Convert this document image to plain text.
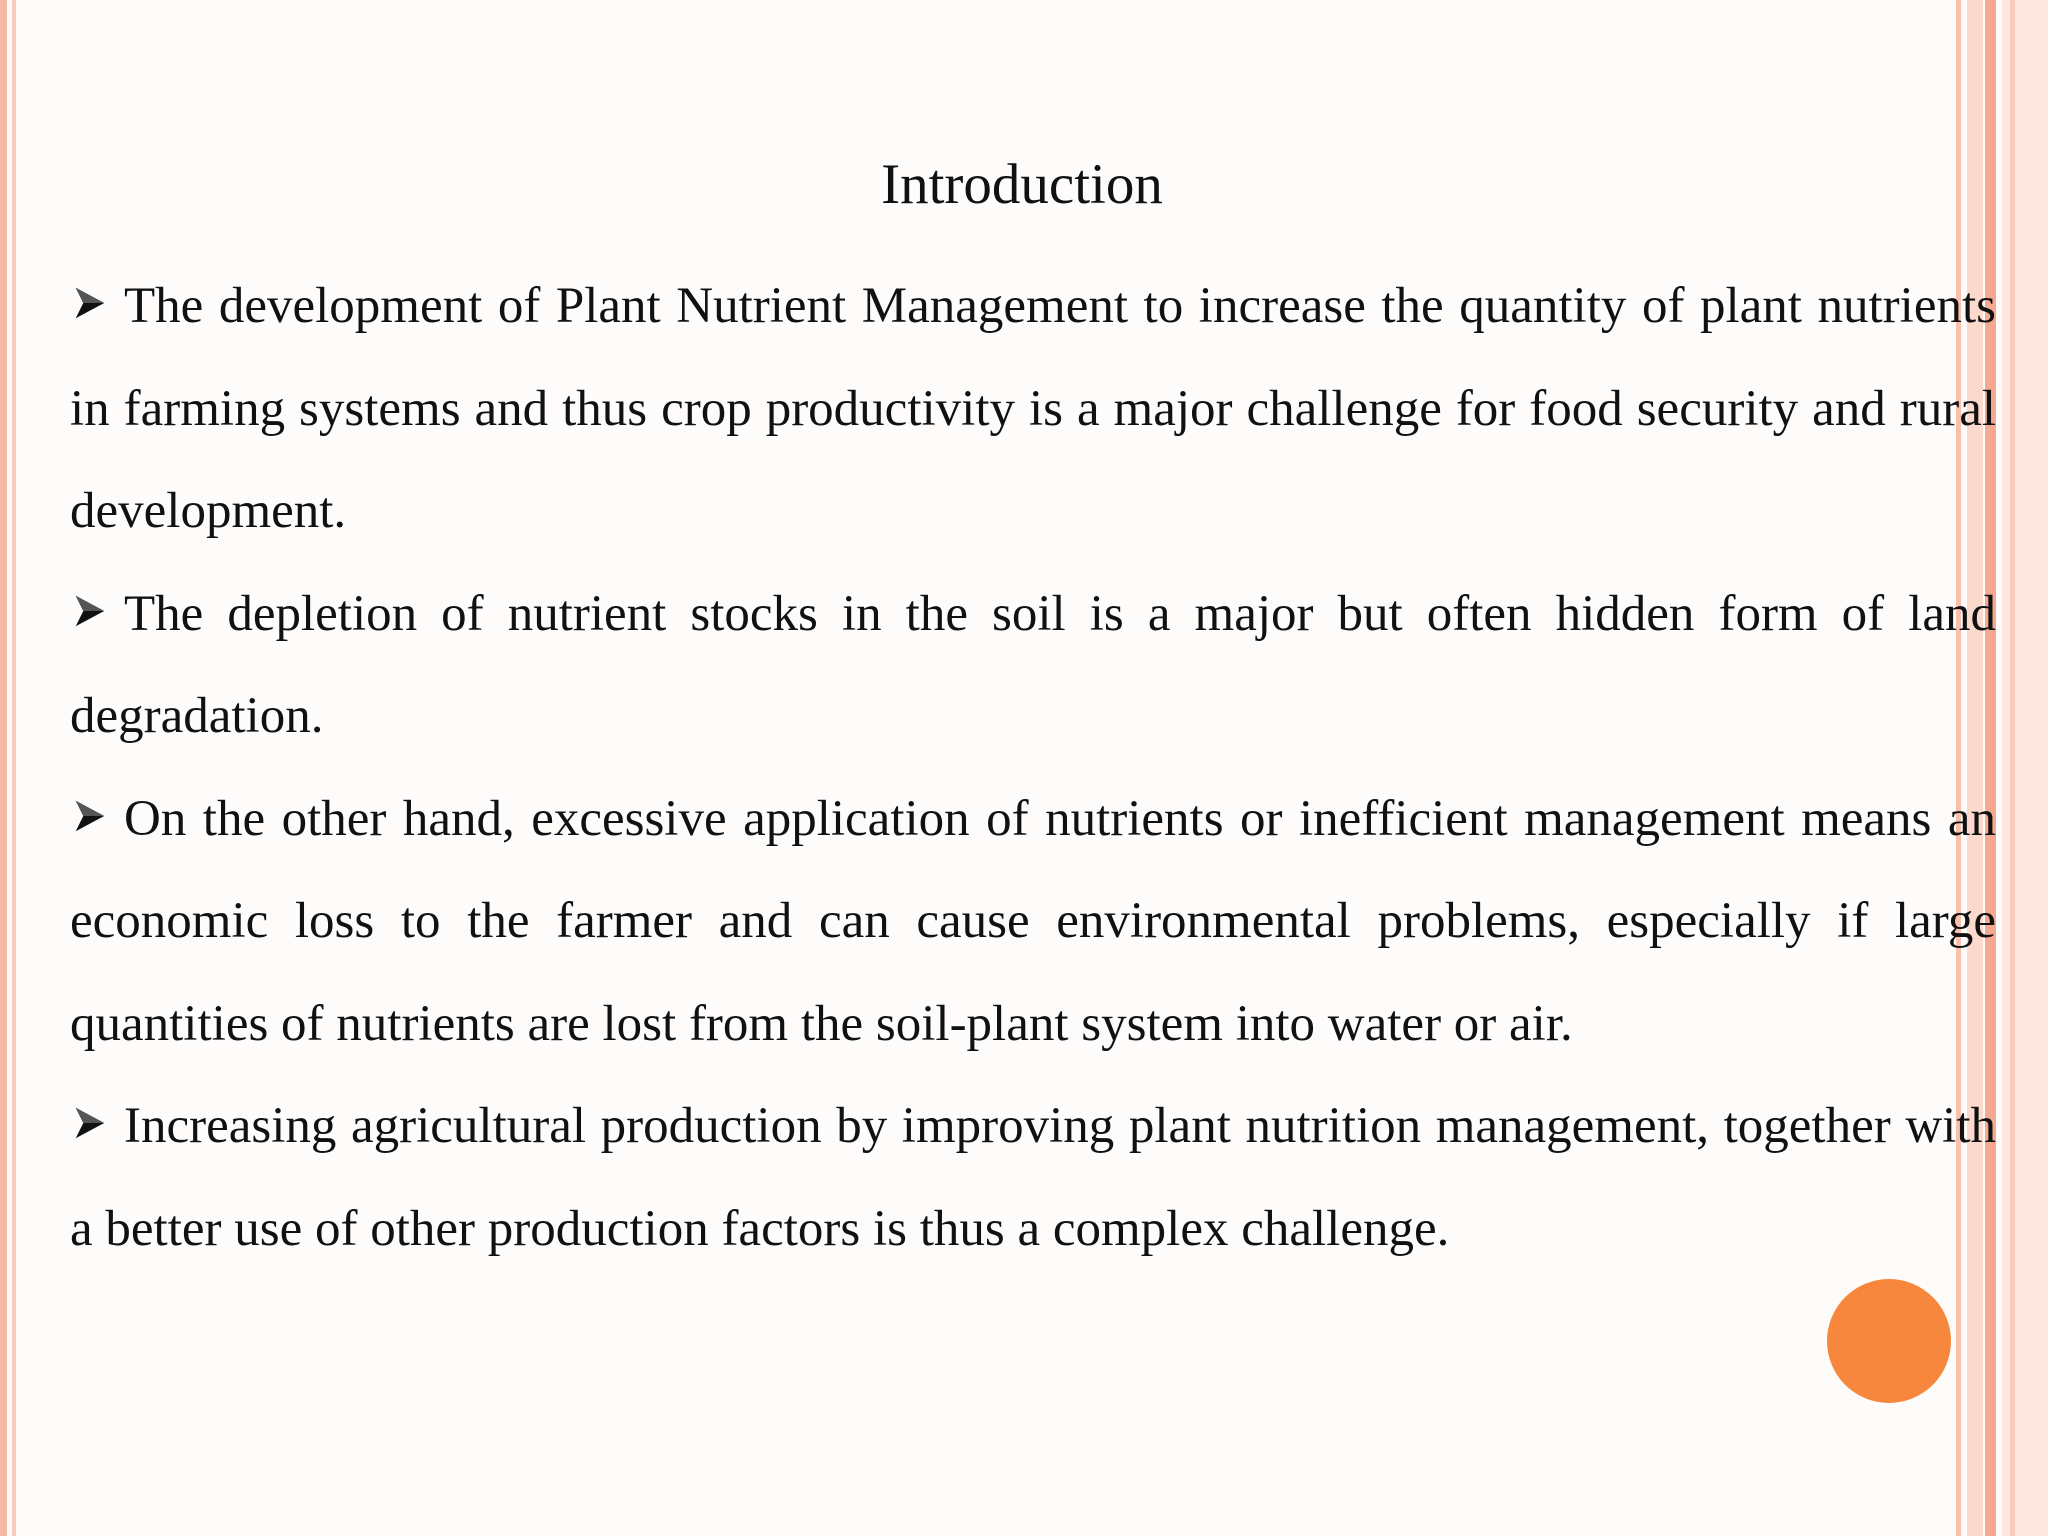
Introduction

The development of Plant Nutrient Management to increase the quantity of plant nutrients in farming systems and thus crop productivity is a major challenge for food security and rural development.

The depletion of nutrient stocks in the soil is a major but often hidden form of land degradation.

On the other hand, excessive application of nutrients or inefficient management means an economic loss to the farmer and can cause environmental problems, especially if large quantities of nutrients are lost from the soil-plant system into water or air.

Increasing agricultural production by improving plant nutrition management, together with a better use of other production factors is thus a complex challenge.
